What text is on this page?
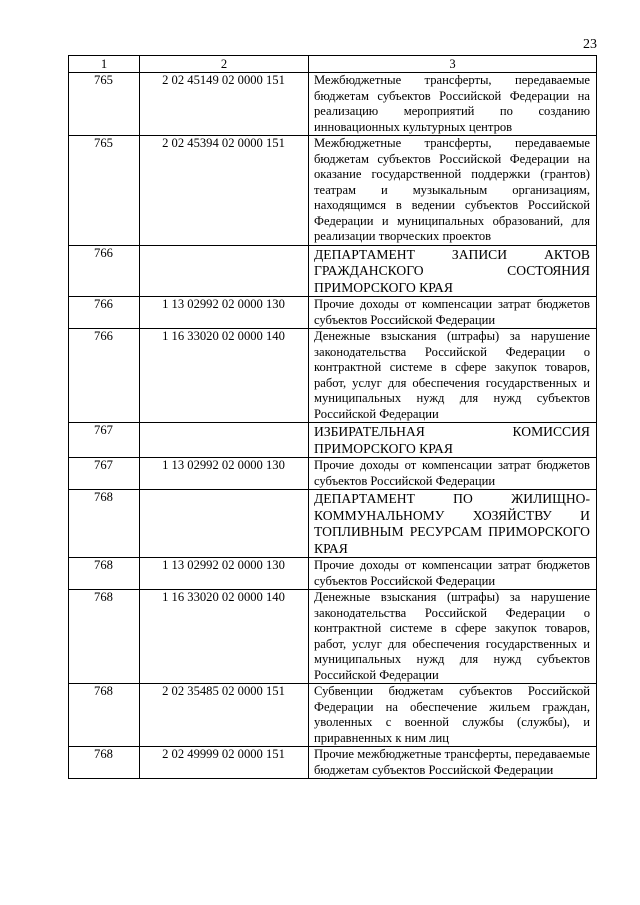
23
1	2	3
765	2 02 45149 02 0000 151	Межбюджетные трансферты, передаваемые бюджетам субъектов Российской Федерации на реализацию мероприятий по созданию инновационных культурных центров
765	2 02 45394 02 0000 151	Межбюджетные трансферты, передаваемые бюджетам субъектов Российской Федерации на оказание государственной поддержки (грантов) театрам и музыкальным организациям, находящимся в ведении субъектов Российской Федерации и муниципальных образований, для реализации творческих проектов
766		ДЕПАРТАМЕНТ ЗАПИСИ АКТОВ ГРАЖДАНСКОГО СОСТОЯНИЯ ПРИМОРСКОГО КРАЯ
766	1 13 02992 02 0000 130	Прочие доходы от компенсации затрат бюджетов субъектов Российской Федерации
766	1 16 33020 02 0000 140	Денежные взыскания (штрафы) за нарушение законодательства Российской Федерации о контрактной системе в сфере закупок товаров, работ, услуг для обеспечения государственных и муниципальных нужд для нужд субъектов Российской Федерации
767		ИЗБИРАТЕЛЬНАЯ КОМИССИЯ ПРИМОРСКОГО КРАЯ
767	1 13 02992 02 0000 130	Прочие доходы от компенсации затрат бюджетов субъектов Российской Федерации
768		ДЕПАРТАМЕНТ ПО ЖИЛИЩНО-КОММУНАЛЬНОМУ ХОЗЯЙСТВУ И ТОПЛИВНЫМ РЕСУРСАМ ПРИМОРСКОГО КРАЯ
768	1 13 02992 02 0000 130	Прочие доходы от компенсации затрат бюджетов субъектов Российской Федерации
768	1 16 33020 02 0000 140	Денежные взыскания (штрафы) за нарушение законодательства Российской Федерации о контрактной системе в сфере закупок товаров, работ, услуг для обеспечения государственных и муниципальных нужд для нужд субъектов Российской Федерации
768	2 02 35485 02 0000 151	Субвенции бюджетам субъектов Российской Федерации на обеспечение жильем граждан, уволенных с военной службы (службы), и приравненных к ним лиц
768	2 02 49999 02 0000 151	Прочие межбюджетные трансферты, передаваемые бюджетам субъектов Российской Федерации
